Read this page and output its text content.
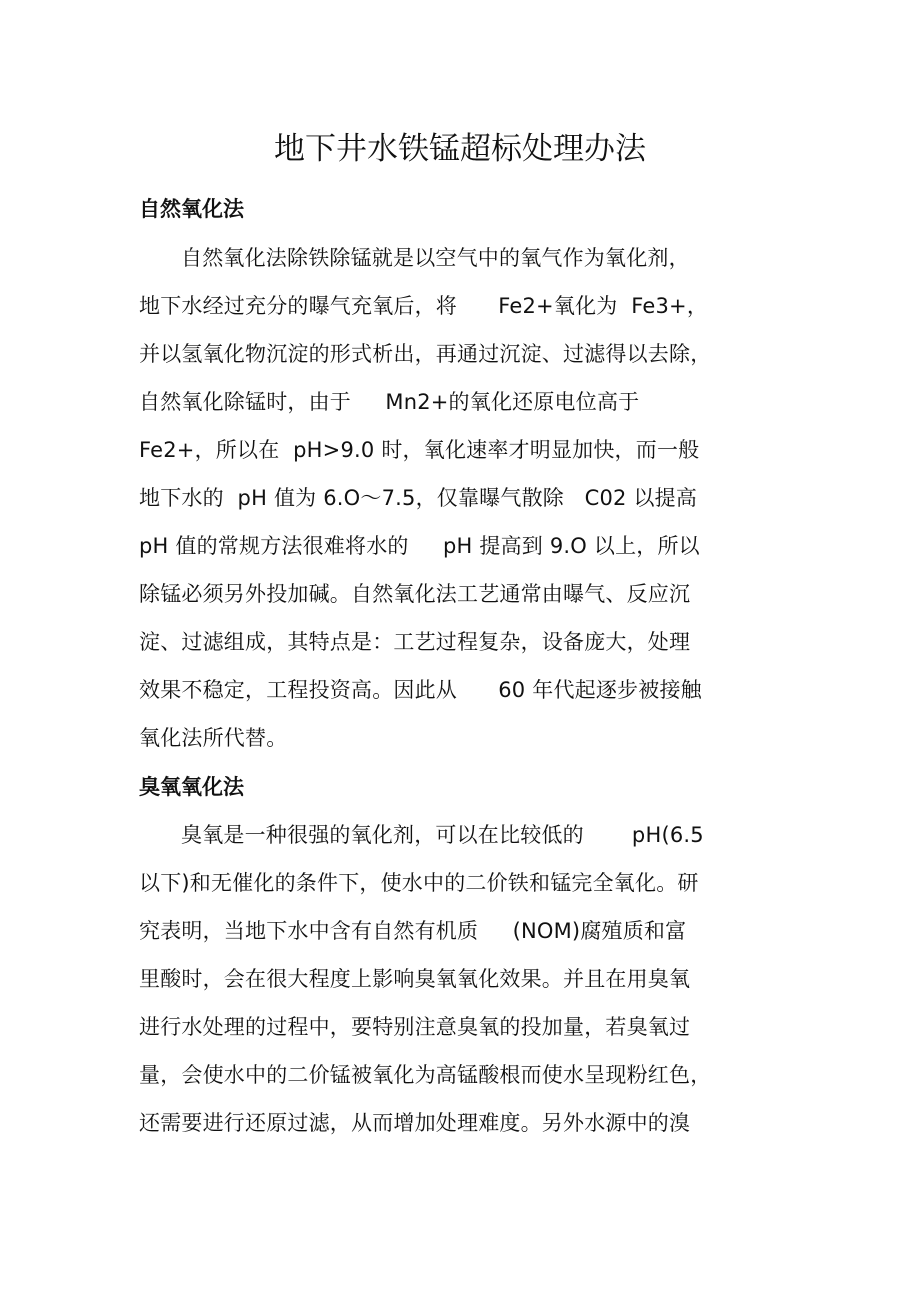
地下井水铁锰超标处理办法
自然氧化法

自然氧化法除铁除锰就是以空气中的氧气作为氧化剂，

地下水经过充分的曝气充氧后，将      Fe2+氧化为  Fe3+，

并以氢氧化物沉淀的形式析出，再通过沉淀、过滤得以去除，

自然氧化除锰时，由于     Mn2+的氧化还原电位高于

Fe2+，所以在  pH>9.0 时，氧化速率才明显加快，而一般

地下水的  pH 值为 6.O～7.5，仅靠曝气散除   C02 以提高

pH 值的常规方法很难将水的     pH 提高到 9.O 以上，所以

除锰必须另外投加碱。自然氧化法工艺通常由曝气、反应沉

淀、过滤组成，其特点是：工艺过程复杂，设备庞大，处理

效果不稳定，工程投资高。因此从      60 年代起逐步被接触

氧化法所代替。

臭氧氧化法

臭氧是一种很强的氧化剂，可以在比较低的       pH(6.5

以下)和无催化的条件下，使水中的二价铁和锰完全氧化。研

究表明，当地下水中含有自然有机质     (NOM)腐殖质和富

里酸时，会在很大程度上影响臭氧氧化效果。并且在用臭氧

进行水处理的过程中，要特别注意臭氧的投加量，若臭氧过

量，会使水中的二价锰被氧化为高锰酸根而使水呈现粉红色，

还需要进行还原过滤，从而增加处理难度。另外水源中的溴
